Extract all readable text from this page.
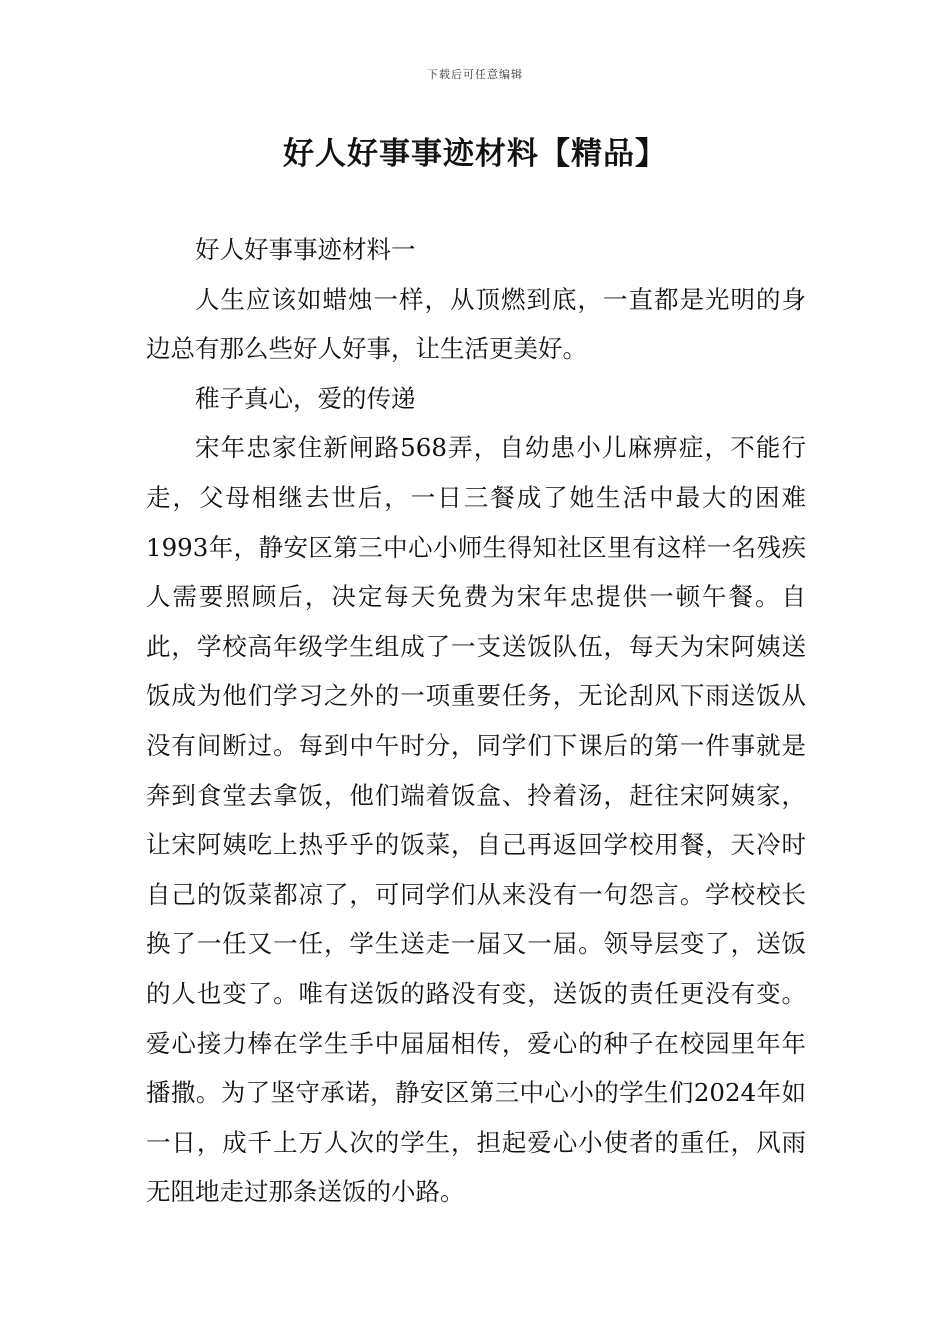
下载后可任意编辑
好人好事事迹材料【精品】

好人好事事迹材料一

人生应该如蜡烛一样，从顶燃到底，一直都是光明的身边总有那么些好人好事，让生活更美好。

稚子真心，爱的传递

宋年忠家住新闸路568弄，自幼患小儿麻痹症，不能行走，父母相继去世后，一日三餐成了她生活中最大的困难1993年，静安区第三中心小师生得知社区里有这样一名残疾人需要照顾后，决定每天免费为宋年忠提供一顿午餐。自此，学校高年级学生组成了一支送饭队伍，每天为宋阿姨送饭成为他们学习之外的一项重要任务，无论刮风下雨送饭从没有间断过。每到中午时分，同学们下课后的第一件事就是奔到食堂去拿饭，他们端着饭盒、拎着汤，赶往宋阿姨家，让宋阿姨吃上热乎乎的饭菜，自己再返回学校用餐，天冷时自己的饭菜都凉了，可同学们从来没有一句怨言。学校校长换了一任又一任，学生送走一届又一届。领导层变了，送饭的人也变了。唯有送饭的路没有变，送饭的责任更没有变。爱心接力棒在学生手中届届相传，爱心的种子在校园里年年播撒。为了坚守承诺，静安区第三中心小的学生们2024年如一日，成千上万人次的学生，担起爱心小使者的重任，风雨无阻地走过那条送饭的小路。
